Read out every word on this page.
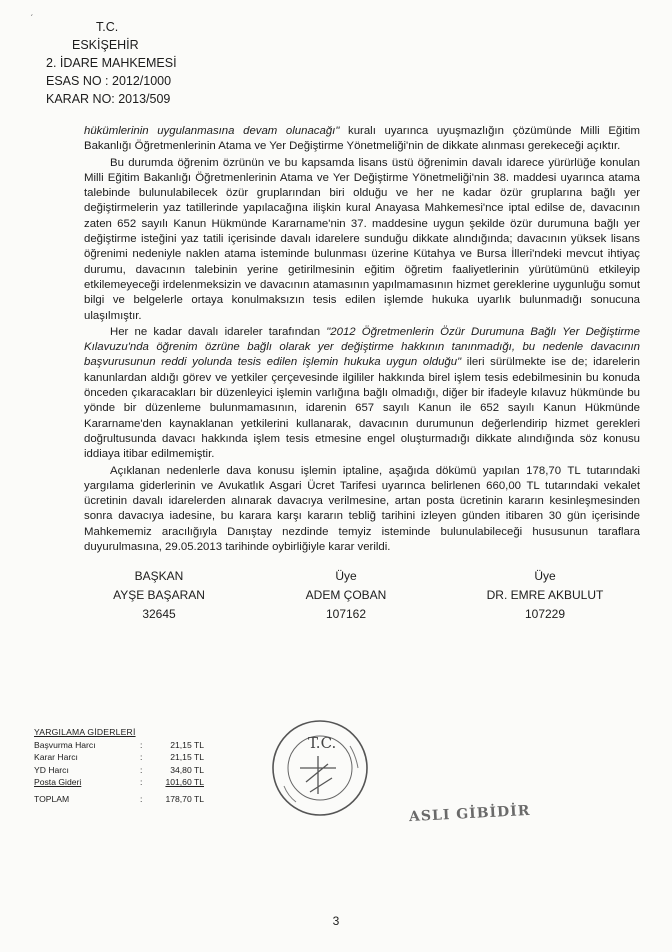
ˊ
T.C.
ESKİŞEHİR
2. İDARE MAHKEMESİ
ESAS NO : 2012/1000
KARAR NO: 2013/509

hükümlerinin uygulanmasına devam olunacağı" kuralı uyarınca uyuşmazlığın çözümünde Milli Eğitim Bakanlığı Öğretmenlerinin Atama ve Yer Değiştirme Yönetmeliği'nin de dikkate alınması gerekeceği açıktır.

Bu durumda öğrenim özrünün ve bu kapsamda lisans üstü öğrenimin davalı idarece yürürlüğe konulan Milli Eğitim Bakanlığı Öğretmenlerinin Atama ve Yer Değiştirme Yönetmeliği'nin 38. maddesi uyarınca atama talebinde bulunulabilecek özür gruplarından biri olduğu ve her ne kadar özür gruplarına bağlı yer değiştirmelerin yaz tatillerinde yapılacağına ilişkin kural Anayasa Mahkemesi'nce iptal edilse de, davacının zaten 652 sayılı Kanun Hükmünde Kararname'nin 37. maddesine uygun şekilde özür durumuna bağlı yer değiştirme isteğini yaz tatili içerisinde davalı idarelere sunduğu dikkate alındığında; davacının yüksek lisans öğrenimi nedeniyle naklen atama isteminde bulunması üzerine Kütahya ve Bursa İlleri'ndeki mevcut ihtiyaç durumu, davacının talebinin yerine getirilmesinin eğitim öğretim faaliyetlerinin yürütümünü etkileyip etkilemeyeceği irdelenmeksizin ve davacının atamasının yapılmamasının hizmet gereklerine uygunluğu somut bilgi ve belgelerle ortaya konulmaksızın tesis edilen işlemde hukuka uyarlık bulunmadığı sonucuna ulaşılmıştır.

Her ne kadar davalı idareler tarafından "2012 Öğretmenlerin Özür Durumuna Bağlı Yer Değiştirme Kılavuzu'nda öğrenim özrüne bağlı olarak yer değiştirme hakkının tanınmadığı, bu nedenle davacının başvurusunun reddi yolunda tesis edilen işlemin hukuka uygun olduğu" ileri sürülmekte ise de; idarelerin kanunlardan aldığı görev ve yetkiler çerçevesinde ilgililer hakkında birel işlem tesis edebilmesinin bu konuda önceden çıkaracakları bir düzenleyici işlemin varlığına bağlı olmadığı, diğer bir ifadeyle kılavuz hükmünde bu yönde bir düzenleme bulunmamasının, idarenin 657 sayılı Kanun ile 652 sayılı Kanun Hükmünde Kararname'den kaynaklanan yetkilerini kullanarak, davacının durumunun değerlendirip hizmet gerekleri doğrultusunda davacı hakkında işlem tesis etmesine engel oluşturmadığı dikkate alındığında söz konusu iddiaya itibar edilmemiştir.

Açıklanan nedenlerle dava konusu işlemin iptaline, aşağıda dökümü yapılan 178,70 TL tutarındaki yargılama giderlerinin ve Avukatlık Asgari Ücret Tarifesi uyarınca belirlenen 660,00 TL tutarındaki vekalet ücretinin davalı idarelerden alınarak davacıya verilmesine, artan posta ücretinin kararın kesinleşmesinden sonra davacıya iadesine, bu karara karşı kararın tebliğ tarihini izleyen günden itibaren 30 gün içerisinde Mahkememiz aracılığıyla Danıştay nezdinde temyiz isteminde bulunulabileceği hususunun taraflara duyurulmasına, 29.05.2013 tarihinde oybirliğiyle karar verildi.

BAŞKAN
AYŞE BAŞARAN
32645
Üye
ADEM ÇOBAN
107162
Üye
DR. EMRE AKBULUT
107229
YARGILAMA GİDERLERİ
Başvurma Harcı	:	21,15 TL
Karar Harcı	:	21,15 TL
YD Harcı	:	34,80 TL
Posta Gideri	:	101,60 TL
TOPLAM	:	178,70 TL
T.C.
ASLI GİBİDİR
3
